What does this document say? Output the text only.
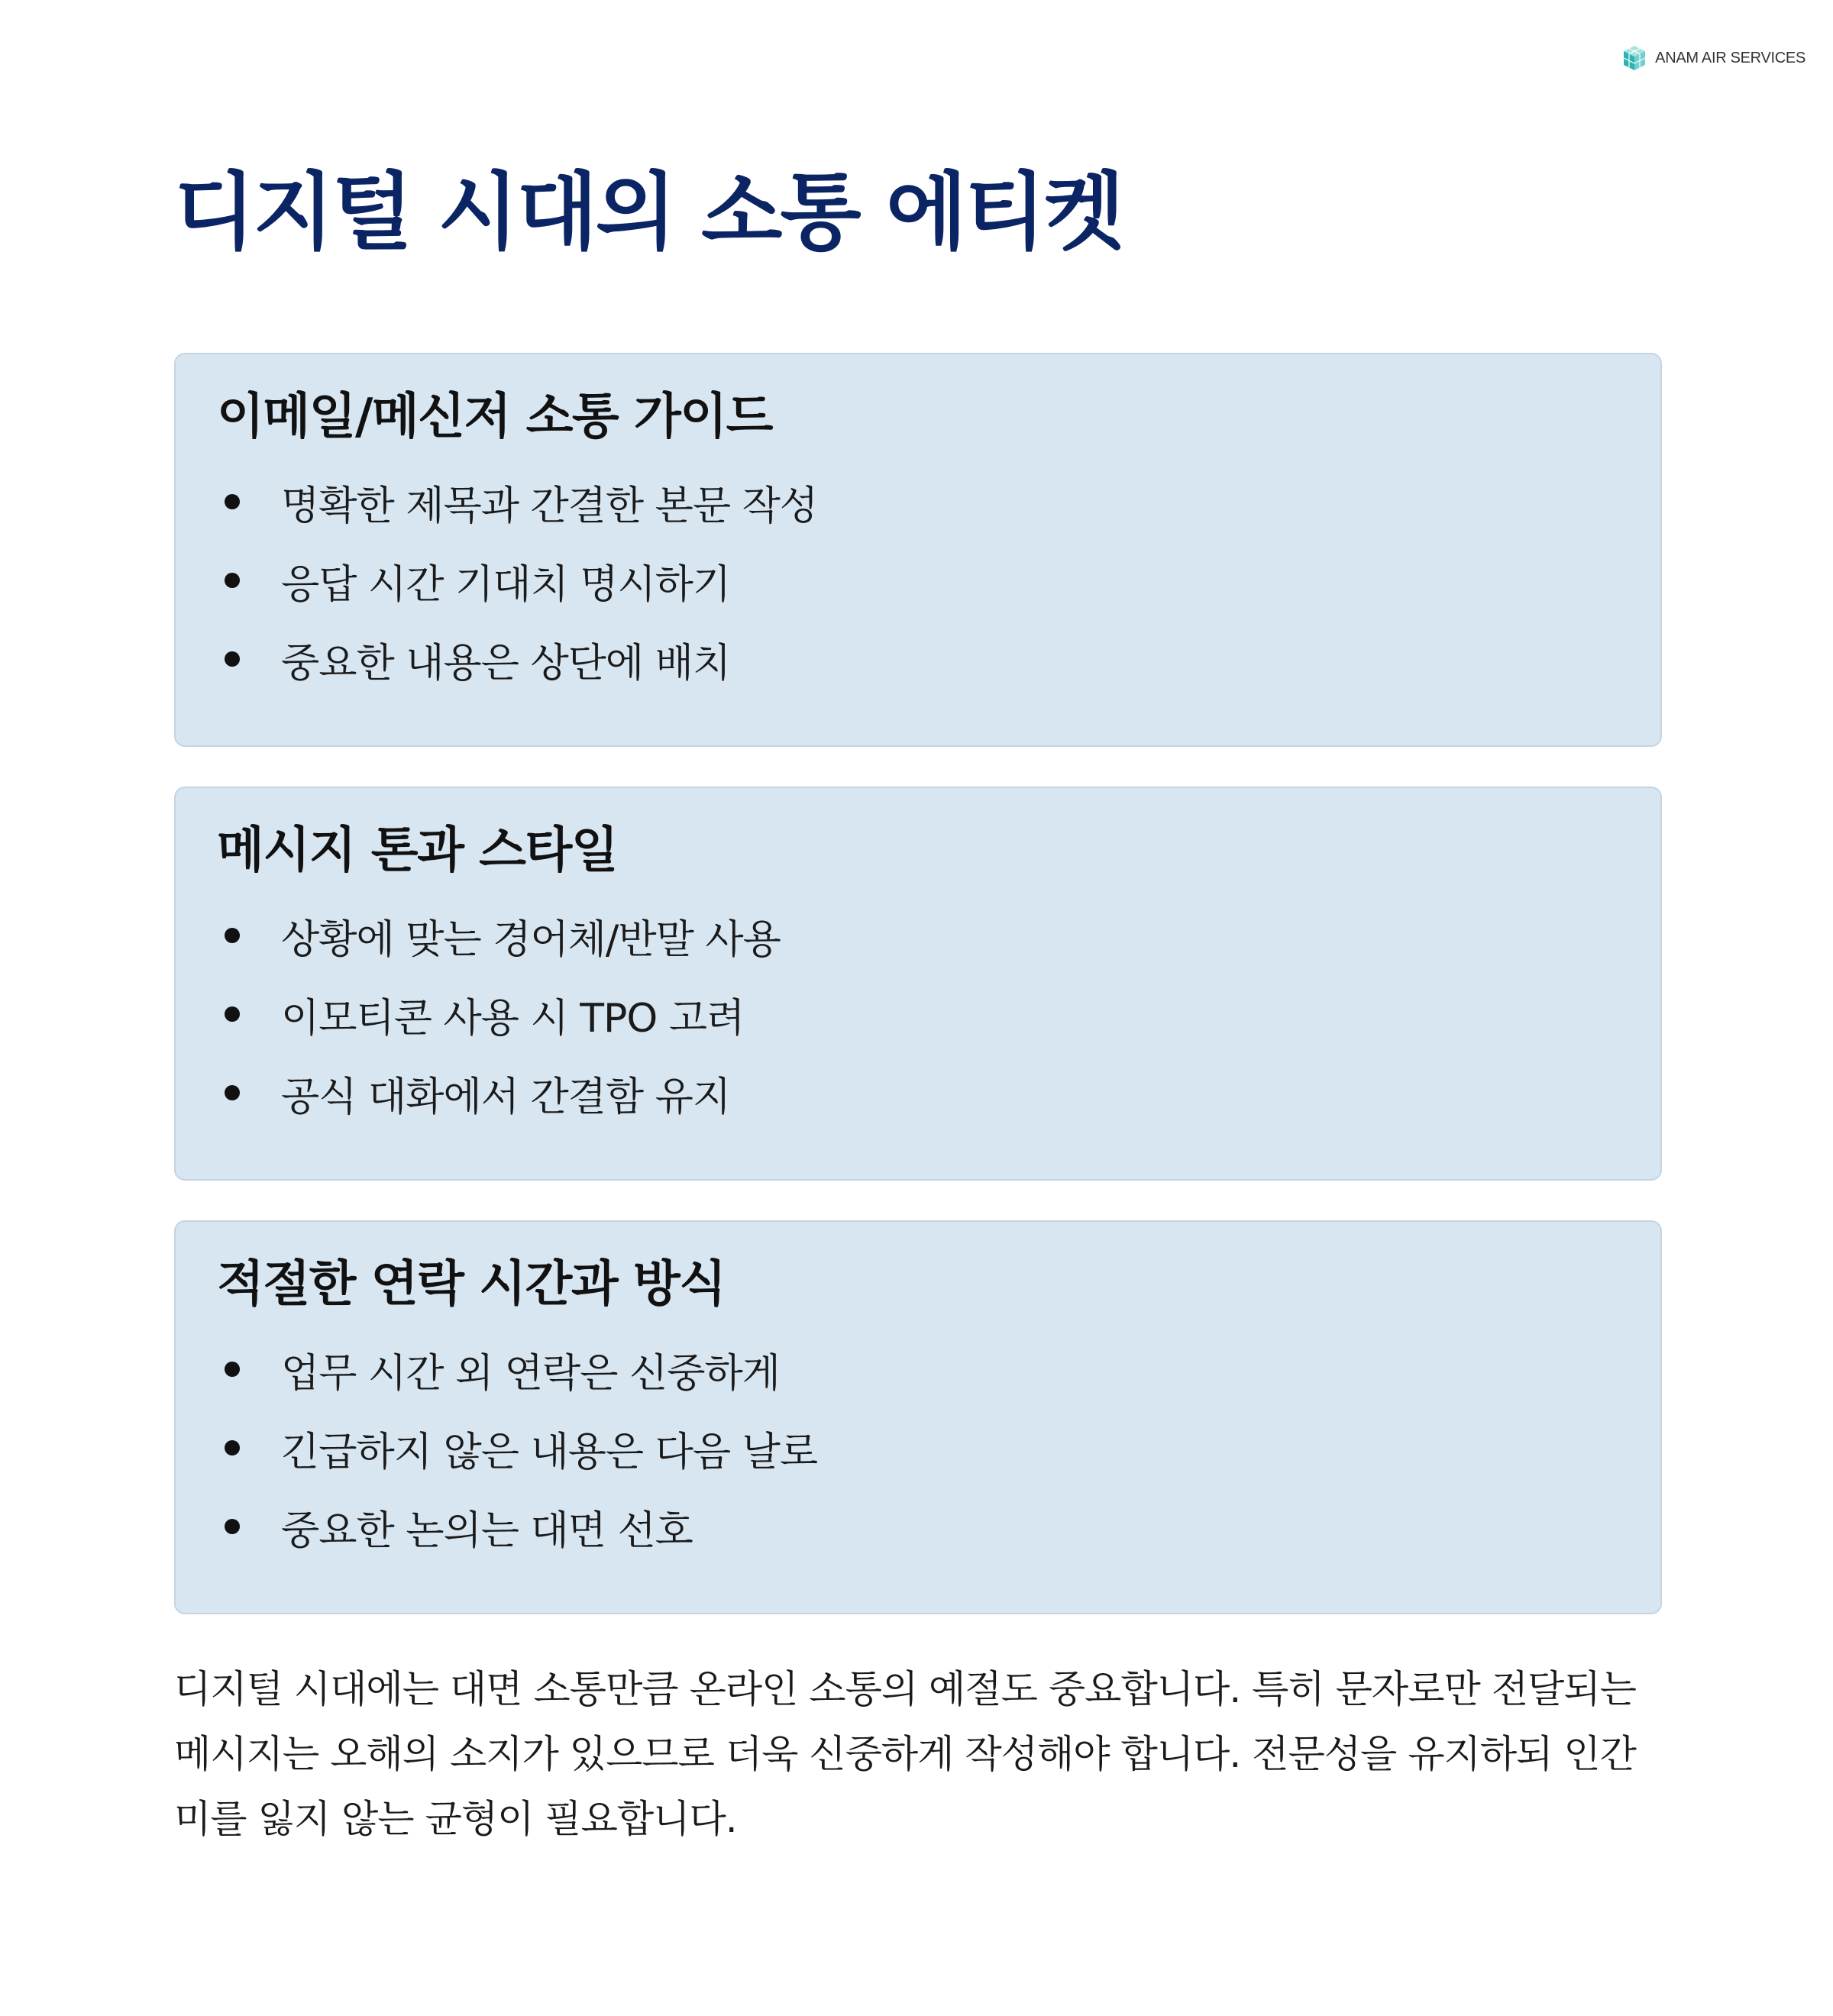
ANAM AIR SERVICES
디지털 시대의 소통 에티켓
이메일/메신저 소통 가이드
명확한 제목과 간결한 본문 작성
응답 시간 기대치 명시하기
중요한 내용은 상단에 배치
메시지 톤과 스타일
상황에 맞는 경어체/반말 사용
이모티콘 사용 시 TPO 고려
공식 대화에서 간결함 유지
적절한 연락 시간과 방식
업무 시간 외 연락은 신중하게
긴급하지 않은 내용은 다음 날로
중요한 논의는 대면 선호

디지털 시대에는 대면 소통만큼 온라인 소통의 예절도 중요합니다. 특히 문자로만 전달되는 메시지는 오해의 소지가 있으므로 더욱 신중하게 작성해야 합니다. 전문성을 유지하되 인간미를 잃지 않는 균형이 필요합니다.
